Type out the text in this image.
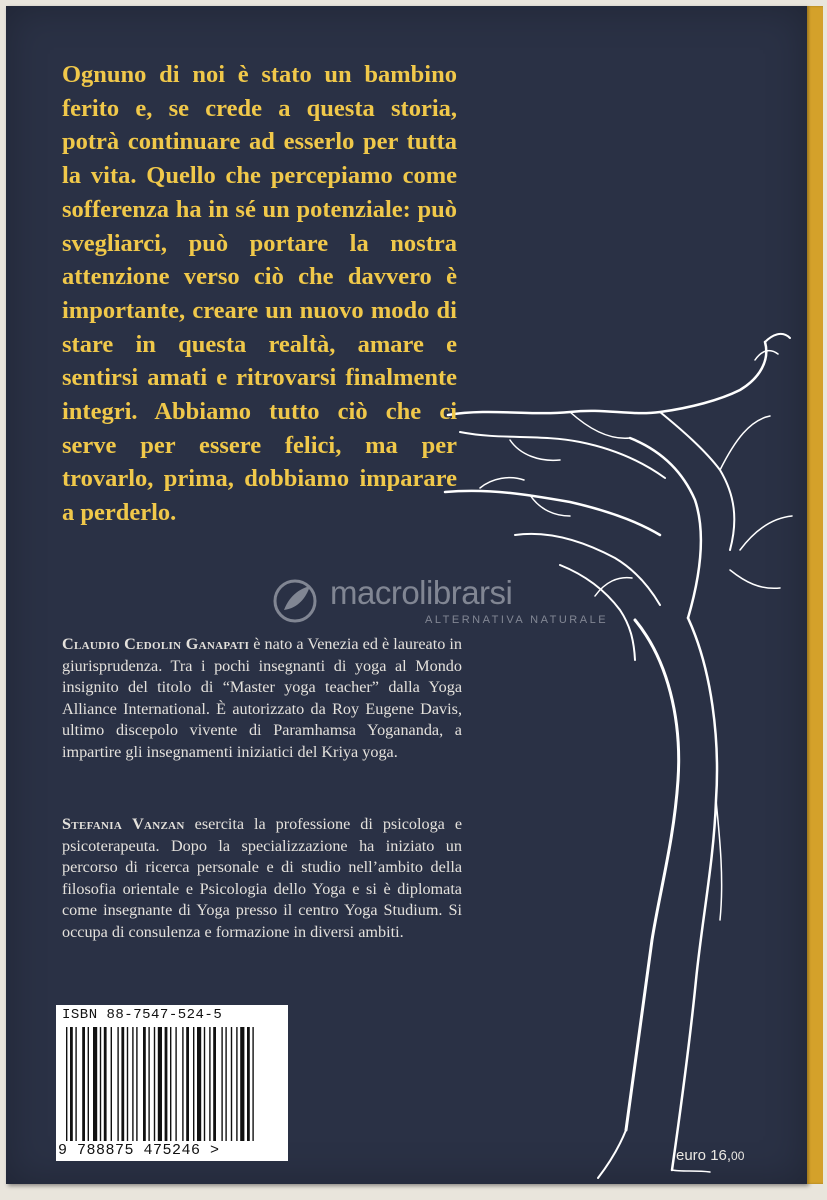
Ognuno di noi è stato un bambino ferito e, se crede a questa storia, potrà continuare ad esserlo per tutta la vita. Quello che percepiamo come sofferenza ha in sé un potenziale: può svegliarci, può portare la nostra attenzione verso ciò che davvero è importante, creare un nuovo modo di stare in questa realtà, amare e sentirsi amati e ritrovarsi finalmente integri. Abbiamo tutto ciò che ci serve per essere felici, ma per trovarlo, prima, dobbiamo imparare a perderlo.

Claudio Cedolin Ganapati è nato a Venezia ed è laureato in giurisprudenza. Tra i pochi insegnanti di yoga al Mondo insignito del titolo di “Master yoga teacher” dalla Yoga Alliance International. È autorizzato da Roy Eugene Davis, ultimo discepolo vivente di Paramhamsa Yogananda, a impartire gli insegnamenti iniziatici del Kriya yoga.

Stefania Vanzan esercita la professione di psicologa e psicoterapeuta. Dopo la specializzazione ha iniziato un percorso di ricerca personale e di studio nell’ambito della filosofia orientale e Psicologia dello Yoga e si è diplomata come insegnante di Yoga presso il centro Yoga Studium. Si occupa di consulenza e formazione in diversi ambiti.

macrolibrarsi
ALTERNATIVA NATURALE
ISBN 88-7547-524-5
9 788875 475246 >	euro 16,00
